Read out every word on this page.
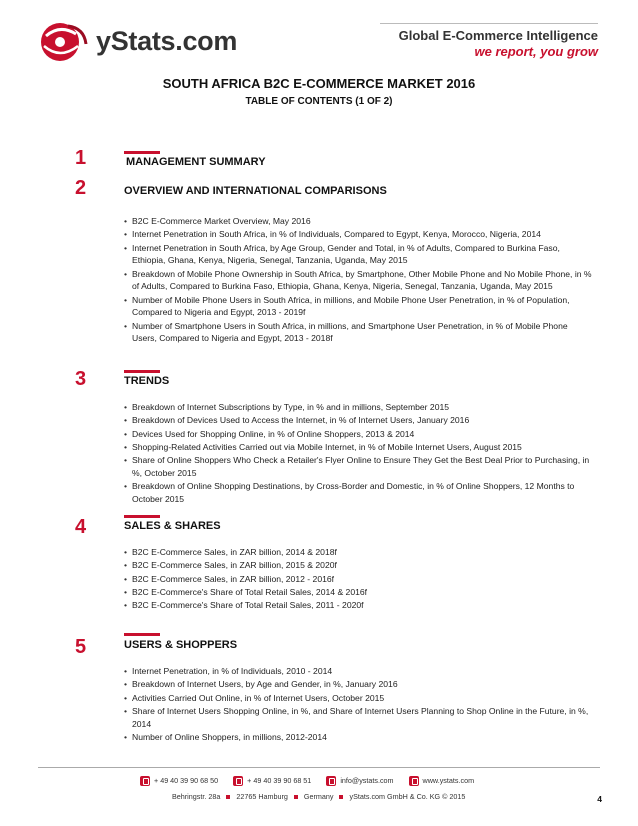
yStats.com	Global E-Commerce Intelligence
we report, you grow
SOUTH AFRICA B2C E-COMMERCE MARKET 2016
TABLE OF CONTENTS (1 OF 2)
1	MANAGEMENT SUMMARY
2	OVERVIEW AND INTERNATIONAL COMPARISONS
• B2C E-Commerce Market Overview, May 2016
• Internet Penetration in South Africa, in % of Individuals, Compared to Egypt, Kenya, Morocco, Nigeria, 2014
• Internet Penetration in South Africa, by Age Group, Gender and Total, in % of Adults, Compared to Burkina Faso, Ethiopia, Ghana, Kenya, Nigeria, Senegal, Tanzania, Uganda, May 2015
• Breakdown of Mobile Phone Ownership in South Africa, by Smartphone, Other Mobile Phone and No Mobile Phone, in % of Adults, Compared to Burkina Faso, Ethiopia, Ghana, Kenya, Nigeria, Senegal, Tanzania, Uganda, May 2015
• Number of Mobile Phone Users in South Africa, in millions, and Mobile Phone User Penetration, in % of Population, Compared to Nigeria and Egypt, 2013 - 2019f
• Number of Smartphone Users in South Africa, in millions, and Smartphone User Penetration, in % of Mobile Phone Users, Compared to Nigeria and Egypt, 2013 - 2018f
3	TRENDS
• Breakdown of Internet Subscriptions by Type, in % and in millions, September 2015
• Breakdown of Devices Used to Access the Internet, in % of Internet Users, January 2016
• Devices Used for Shopping Online, in % of Online Shoppers, 2013 & 2014
• Shopping-Related Activities Carried out via Mobile Internet, in % of Mobile Internet Users, August 2015
• Share of Online Shoppers Who Check a Retailer's Flyer Online to Ensure They Get the Best Deal Prior to Purchasing, in %, October 2015
• Breakdown of Online Shopping Destinations, by Cross-Border and Domestic, in % of Online Shoppers, 12 Months to October 2015
4	SALES & SHARES
• B2C E-Commerce Sales, in ZAR billion, 2014 & 2018f
• B2C E-Commerce Sales, in ZAR billion, 2015 & 2020f
• B2C E-Commerce Sales, in ZAR billion, 2012 - 2016f
• B2C E-Commerce's Share of Total Retail Sales, 2014 & 2016f
• B2C E-Commerce's Share of Total Retail Sales, 2011 - 2020f
5	USERS & SHOPPERS
• Internet Penetration, in % of Individuals, 2010 - 2014
• Breakdown of Internet Users, by Age and Gender, in %, January 2016
• Activities Carried Out Online, in % of Internet Users, October 2015
• Share of Internet Users Shopping Online, in %, and Share of Internet Users Planning to Shop Online in the Future, in %, 2014
• Number of Online Shoppers, in millions, 2012-2014
+ 49 40 39 90 68 50	+ 49 40 39 90 68 51	info@ystats.com	www.ystats.com
Behringstr. 28a 22765 Hamburg Germany yStats.com GmbH & Co. KG © 2015	4
